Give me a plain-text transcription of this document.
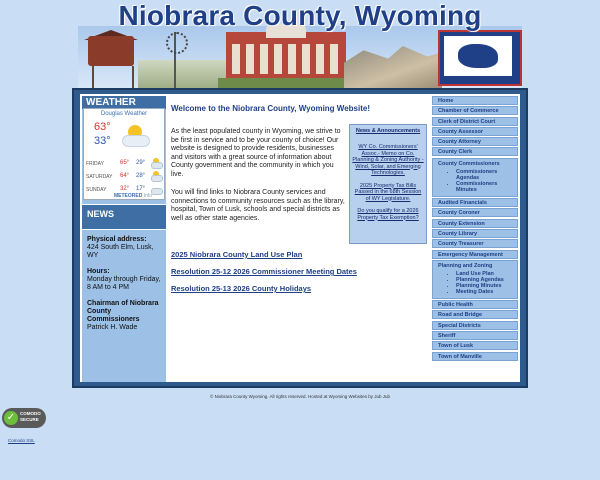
Niobrara County, Wyoming
WEATHER
Douglas Weather
63°
33°
FRIDAY	65° 29°
SATURDAY 64° 28°
SUNDAY 32° 17°
METEORED Info
NEWS
Physical address:
424 South Elm, Lusk, WY
Hours:
Monday through Friday, 8 AM to 4 PM
Chairman of Niobrara County Commissioners
Patrick H. Wade
Welcome to the Niobrara County, Wyoming Website!

As the least populated county in Wyoming, we strive to be first in service and to be your county of choice! Our website is designed to provide residents, businesses and visitors with a great source of information about County government and the community in which you live.

You will find links to Niobrara County services and connections to community resources such as the library, hospital, Town of Lusk, schools and special districts as well as other state agencies.

News & Announcements
WY Co. Commissioners' Assoc.- Memo on Co. Planning & Zoning Authority - Wind, Solar, and Emerging Technologies.
2025 Property Tax Bills Passed in the 68th Session of WY Legislature.
Do you qualify for a 2026 Property Tax Exemption?
2025 Niobrara County Land Use Plan
Resolution 25-12 2026 Commissioner Meeting Dates
Resolution 25-13 2026 County Holidays
Home
Chamber of Commerce
Clerk of District Court
County Assessor
County Attorney
County Clerk
County Commissioners
• Commissioners Agendas
• Commissioners Minutes
Audited Financials
County Coroner
County Extension
County Library
County Treasurer
Emergency Management
Planning and Zoning
• Land Use Plan
• Planning Agendas
• Planning Minutes
• Meeting Dates
Public Health
Road and Bridge
Special Districts
Sheriff
Town of Lusk
Town of Manville
© Niobrara County Wyoming. All rights reserved. Hosted at Wyoming Websites by Jub Jub
✓	COMODO
SECURE
Comodo SSL
